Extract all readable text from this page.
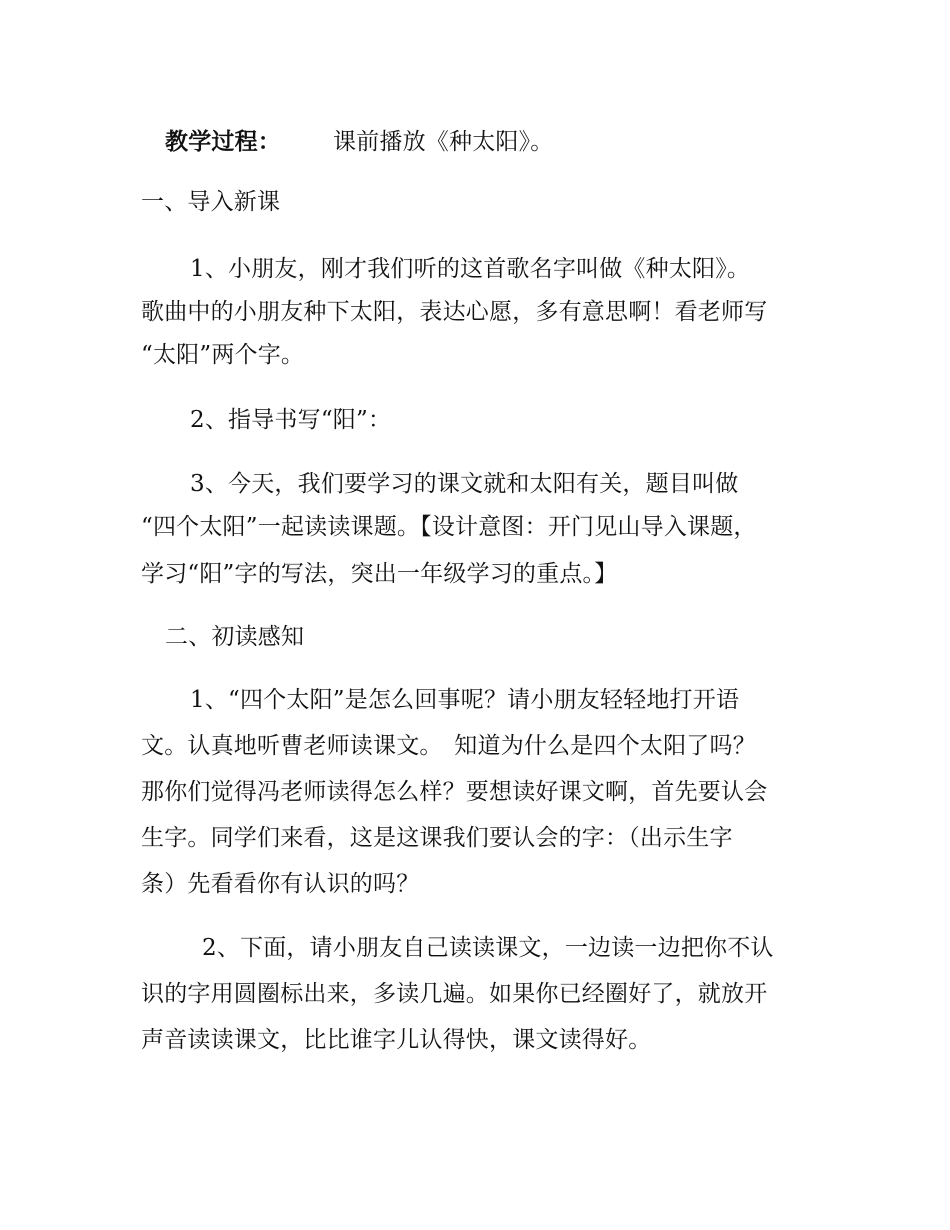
教学过程： 课前播放《种太阳》。
一、导入新课
1、小朋友，刚才我们听的这首歌名字叫做《种太阳》。
歌曲中的小朋友种下太阳，表达心愿，多有意思啊！看老师写
“太阳”两个字。
2、指导书写“阳”：
3、今天，我们要学习的课文就和太阳有关，题目叫做
“四个太阳”一起读读课题。【设计意图：开门见山导入课题，
学习“阳”字的写法，突出一年级学习的重点。】
二、初读感知
1、“四个太阳”是怎么回事呢？请小朋友轻轻地打开语
文。认真地听曹老师读课文。　知道为什么是四个太阳了吗？
那你们觉得冯老师读得怎么样？要想读好课文啊，首先要认会
生字。同学们来看，这是这课我们要认会的字：（出示生字
条）先看看你有认识的吗？
2、下面，请小朋友自己读读课文，一边读一边把你不认
识的字用圆圈标出来，多读几遍。如果你已经圈好了，就放开
声音读读课文，比比谁字儿认得快，课文读得好。
